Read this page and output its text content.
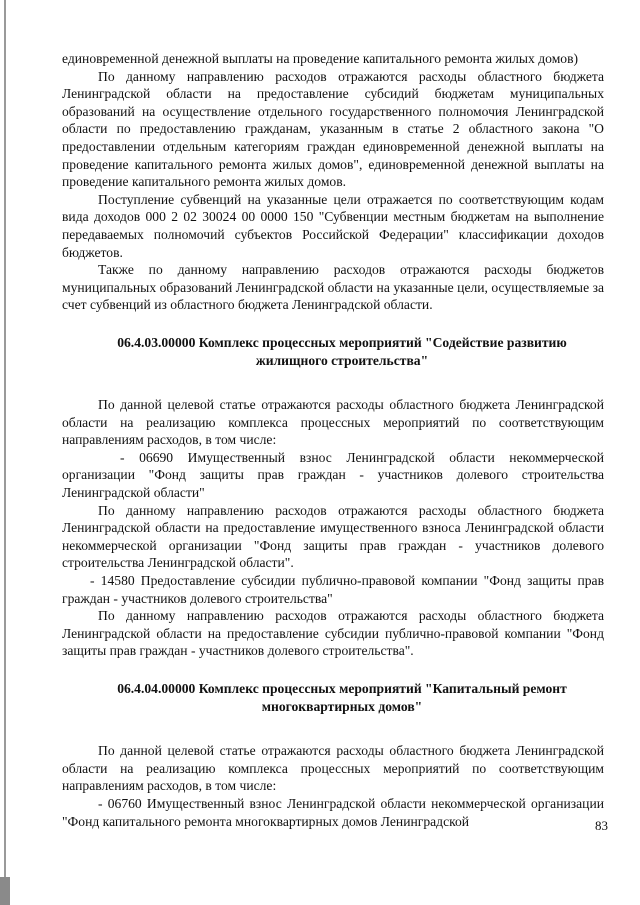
единовременной денежной выплаты на проведение капитального ремонта жилых домов)

По данному направлению расходов отражаются расходы областного бюджета Ленинградской области на предоставление субсидий бюджетам муниципальных образований на осуществление отдельного государственного полномочия Ленинградской области по предоставлению гражданам, указанным в статье 2 областного закона "О предоставлении отдельным категориям граждан единовременной денежной выплаты на проведение капитального ремонта жилых домов", единовременной денежной выплаты на проведение капитального ремонта жилых домов.

Поступление субвенций на указанные цели отражается по соответствующим кодам вида доходов 000 2 02 30024 00 0000 150 "Субвенции местным бюджетам на выполнение передаваемых полномочий субъектов Российской Федерации" классификации доходов бюджетов.

Также по данному направлению расходов отражаются расходы бюджетов муниципальных образований Ленинградской области на указанные цели, осуществляемые за счет субвенций из областного бюджета Ленинградской области.

06.4.03.00000 Комплекс процессных мероприятий "Содействие развитию жилищного строительства"

По данной целевой статье отражаются расходы областного бюджета Ленинградской области на реализацию комплекса процессных мероприятий по соответствующим направлениям расходов, в том числе:

- 06690 Имущественный взнос Ленинградской области некоммерческой организации "Фонд защиты прав граждан - участников долевого строительства Ленинградской области"

По данному направлению расходов отражаются расходы областного бюджета Ленинградской области на предоставление имущественного взноса Ленинградской области некоммерческой организации "Фонд защиты прав граждан - участников долевого строительства Ленинградской области".

- 14580 Предоставление субсидии публично-правовой компании "Фонд защиты прав граждан - участников долевого строительства"

По данному направлению расходов отражаются расходы областного бюджета Ленинградской области на предоставление субсидии публично-правовой компании "Фонд защиты прав граждан - участников долевого строительства".

06.4.04.00000 Комплекс процессных мероприятий "Капитальный ремонт многоквартирных домов"

По данной целевой статье отражаются расходы областного бюджета Ленинградской области на реализацию комплекса процессных мероприятий по соответствующим направлениям расходов, в том числе:

- 06760 Имущественный взнос Ленинградской области некоммерческой организации "Фонд капитального ремонта многоквартирных домов Ленинградской	83
